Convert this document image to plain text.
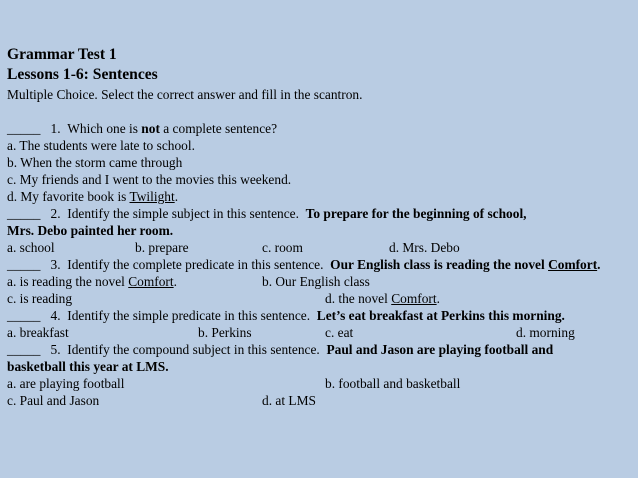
Grammar Test 1
Lessons 1-6: Sentences
Multiple Choice. Select the correct answer and fill in the scantron.
_____ 1. Which one is not a complete sentence?
a. The students were late to school.
b. When the storm came through
c. My friends and I went to the movies this weekend.
d. My favorite book is Twilight.
_____ 2. Identify the simple subject in this sentence. To prepare for the beginning of school,
Mrs. Debo painted her room.
a. school	b. prepare	c. room	d. Mrs. Debo
_____ 3. Identify the complete predicate in this sentence. Our English class is reading the novel Comfort.
a. is reading the novel Comfort.	b. Our English class
c. is reading	d. the novel Comfort.
_____ 4. Identify the simple predicate in this sentence. Let’s eat breakfast at Perkins this morning.
a. breakfast	b. Perkins	c. eat	d. morning
_____ 5. Identify the compound subject in this sentence. Paul and Jason are playing football and
basketball this year at LMS.
a. are playing football	b. football and basketball
c. Paul and Jason	d. at LMS
